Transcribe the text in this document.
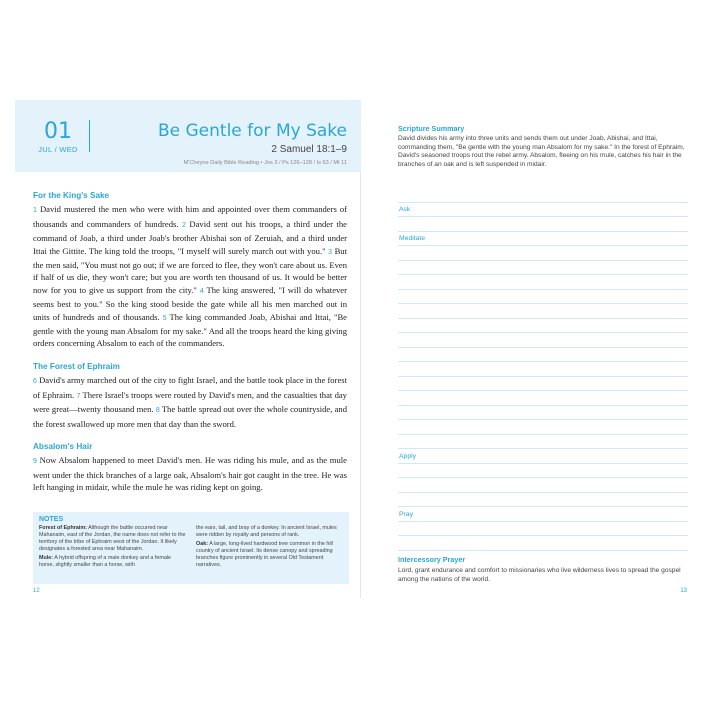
01
JUL / WED
Be Gentle for My Sake
2 Samuel 18:1–9
M'Cheyne Daily Bible Reading • Jos 3 / Ps 126–128 / Is 63 / Mt 11
For the King's Sake
1 David mustered the men who were with him and appointed over them commanders of thousands and commanders of hundreds. 2 David sent out his troops, a third under the command of Joab, a third under Joab's brother Abishai son of Zeruiah, and a third under Ittai the Gittite. The king told the troops, "I myself will surely march out with you." 3 But the men said, "You must not go out; if we are forced to flee, they won't care about us. Even if half of us die, they won't care; but you are worth ten thousand of us. It would be better now for you to give us support from the city." 4 The king answered, "I will do whatever seems best to you." So the king stood beside the gate while all his men marched out in units of hundreds and of thousands. 5 The king commanded Joab, Abishai and Ittai, "Be gentle with the young man Absalom for my sake." And all the troops heard the king giving orders concerning Absalom to each of the commanders.
The Forest of Ephraim
6 David's army marched out of the city to fight Israel, and the battle took place in the forest of Ephraim. 7 There Israel's troops were routed by David's men, and the casualties that day were great—twenty thousand men. 8 The battle spread out over the whole countryside, and the forest swallowed up more men that day than the sword.
Absalom's Hair
9 Now Absalom happened to meet David's men. He was riding his mule, and as the mule went under the thick branches of a large oak, Absalom's hair got caught in the tree. He was left hanging in midair, while the mule he was riding kept on going.
NOTES

Forest of Ephraim: Although the battle occurred near Mahanaim, east of the Jordan, the name does not refer to the territory of the tribe of Ephraim west of the Jordan. It likely designates a forested area near Mahanaim.

Mule: A hybrid offspring of a male donkey and a female horse, slightly smaller than a horse, with

the ears, tail, and bray of a donkey. In ancient Israel, mules were ridden by royalty and persons of rank.

Oak: A large, long-lived hardwood tree common in the hill country of ancient Israel. Its dense canopy and spreading branches figure prominently in several Old Testament narratives.

12
Scripture Summary
David divides his army into three units and sends them out under Joab, Abishai, and Ittai, commanding them, "Be gentle with the young man Absalom for my sake." In the forest of Ephraim, David's seasoned troops rout the rebel army. Absalom, fleeing on his mule, catches his hair in the branches of an oak and is left suspended in midair.
Ask
Meditate
Apply
Pray
Intercessory Prayer
Lord, grant endurance and comfort to missionaries who live wilderness lives to spread the gospel among the nations of the world.
13
